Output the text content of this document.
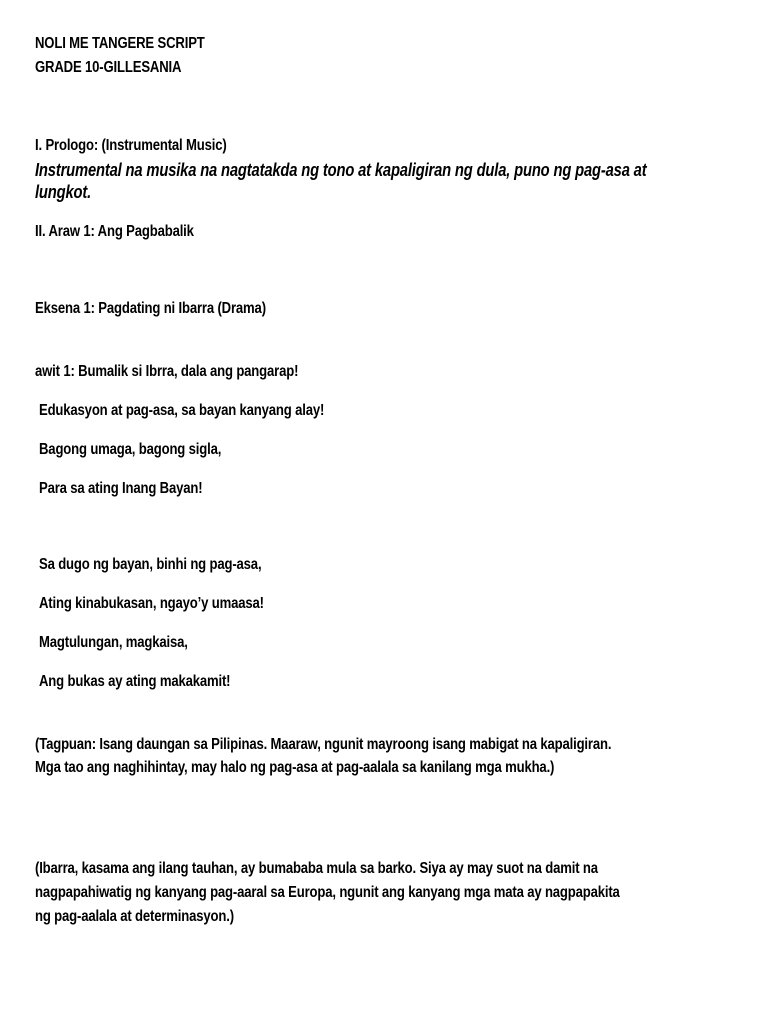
NOLI ME TANGERE SCRIPT

GRADE 10-GILLESANIA

I. Prologo: (Instrumental Music)

Instrumental na musika na nagtatakda ng tono at kapaligiran ng dula, puno ng pag-asa at

lungkot.

II. Araw 1: Ang Pagbabalik

Eksena 1: Pagdating ni Ibarra (Drama)

awit 1: Bumalik si Ibrra, dala ang pangarap!

Edukasyon at pag-asa, sa bayan kanyang alay!

Bagong umaga, bagong sigla,

Para sa ating Inang Bayan!

Sa dugo ng bayan, binhi ng pag-asa,

Ating kinabukasan, ngayo’y umaasa!

Magtulungan, magkaisa,

Ang bukas ay ating makakamit!

(Tagpuan: Isang daungan sa Pilipinas. Maaraw, ngunit mayroong isang mabigat na kapaligiran.

Mga tao ang naghihintay, may halo ng pag-asa at pag-aalala sa kanilang mga mukha.)

(Ibarra, kasama ang ilang tauhan, ay bumababa mula sa barko. Siya ay may suot na damit na

nagpapahiwatig ng kanyang pag-aaral sa Europa, ngunit ang kanyang mga mata ay nagpapakita

ng pag-aalala at determinasyon.)
